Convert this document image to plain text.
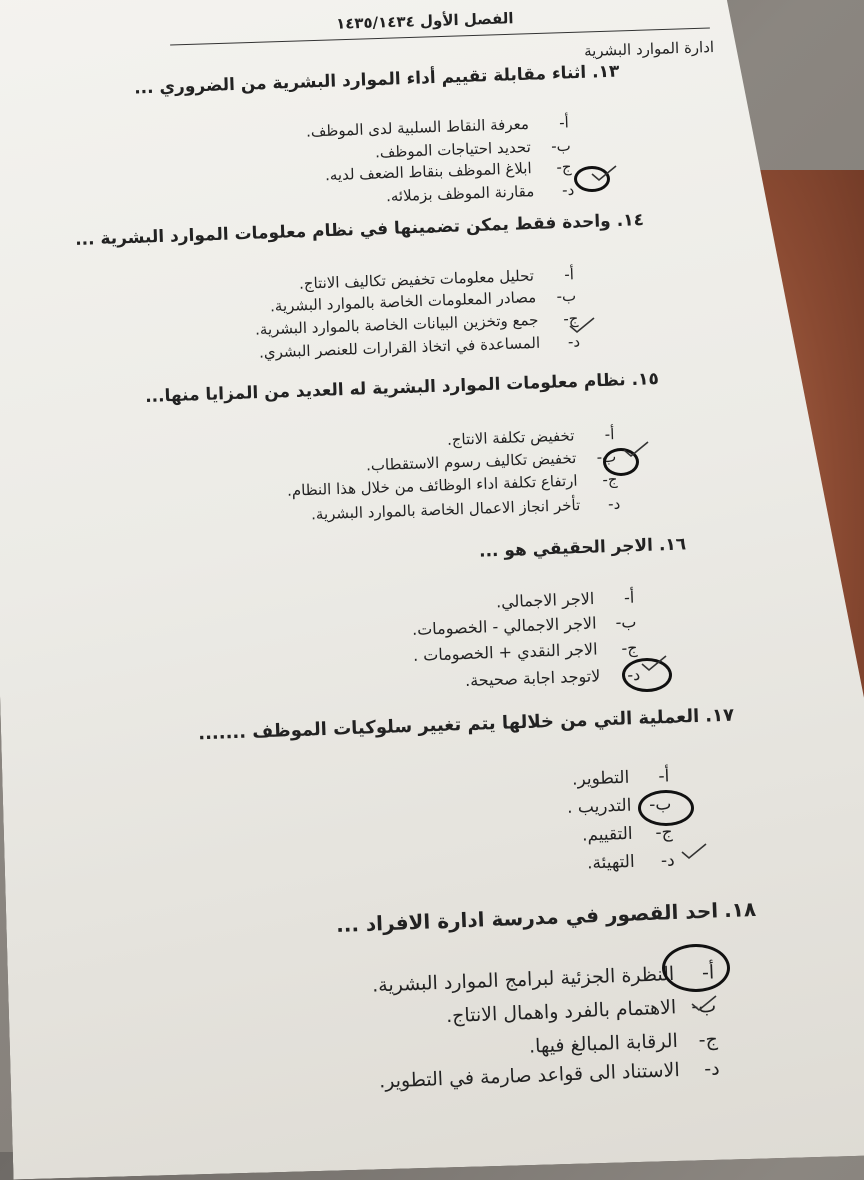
الفصل الأول ١٤٣٥/١٤٣٤
ادارة الموارد البشرية
١٣.اثناء مقابلة تقييم أداء الموارد البشرية من الضروري ...
أ-
معرفة النقاط السلبية لدى الموظف.
ب-
تحديد احتياجات الموظف.
ج-
ابلاغ الموظف بنقاط الضعف لديه.
د-
مقارنة الموظف بزملائه.
١٤.واحدة فقط يمكن تضمينها في نظام معلومات الموارد البشرية ...
أ-
تحليل معلومات تخفيض تكاليف الانتاج.
ب-
مصادر المعلومات الخاصة بالموارد البشرية.
ج-
جمع وتخزين البيانات الخاصة بالموارد البشرية.
د-
المساعدة في اتخاذ القرارات للعنصر البشري.
١٥.نظام معلومات الموارد البشرية له العديد من المزايا منها...
أ-
تخفيض تكلفة الانتاج.
ب-
تخفيض تكاليف رسوم الاستقطاب.
ج-
ارتفاع تكلفة اداء الوظائف من خلال هذا النظام.
د-
تأخر انجاز الاعمال الخاصة بالموارد البشرية.
١٦.الاجر الحقيقي هو ...
أ-
الاجر الاجمالي.
ب-
الاجر الاجمالي - الخصومات.
ج-
الاجر النقدي + الخصومات .
د-
لاتوجد اجابة صحيحة.
١٧.العملية التي من خلالها يتم تغيير سلوكيات الموظف .......
أ-
التطوير.
ب-
التدريب .
ج-
التقييم.
د-
التهيئة.
١٨.احد القصور في مدرسة ادارة الافراد ...
أ-
النظرة الجزئية لبرامج الموارد البشرية.
ب-
الاهتمام بالفرد واهمال الانتاج.
ج-
الرقابة المبالغ فيها.
د-
الاستناد الى قواعد صارمة في التطوير.
